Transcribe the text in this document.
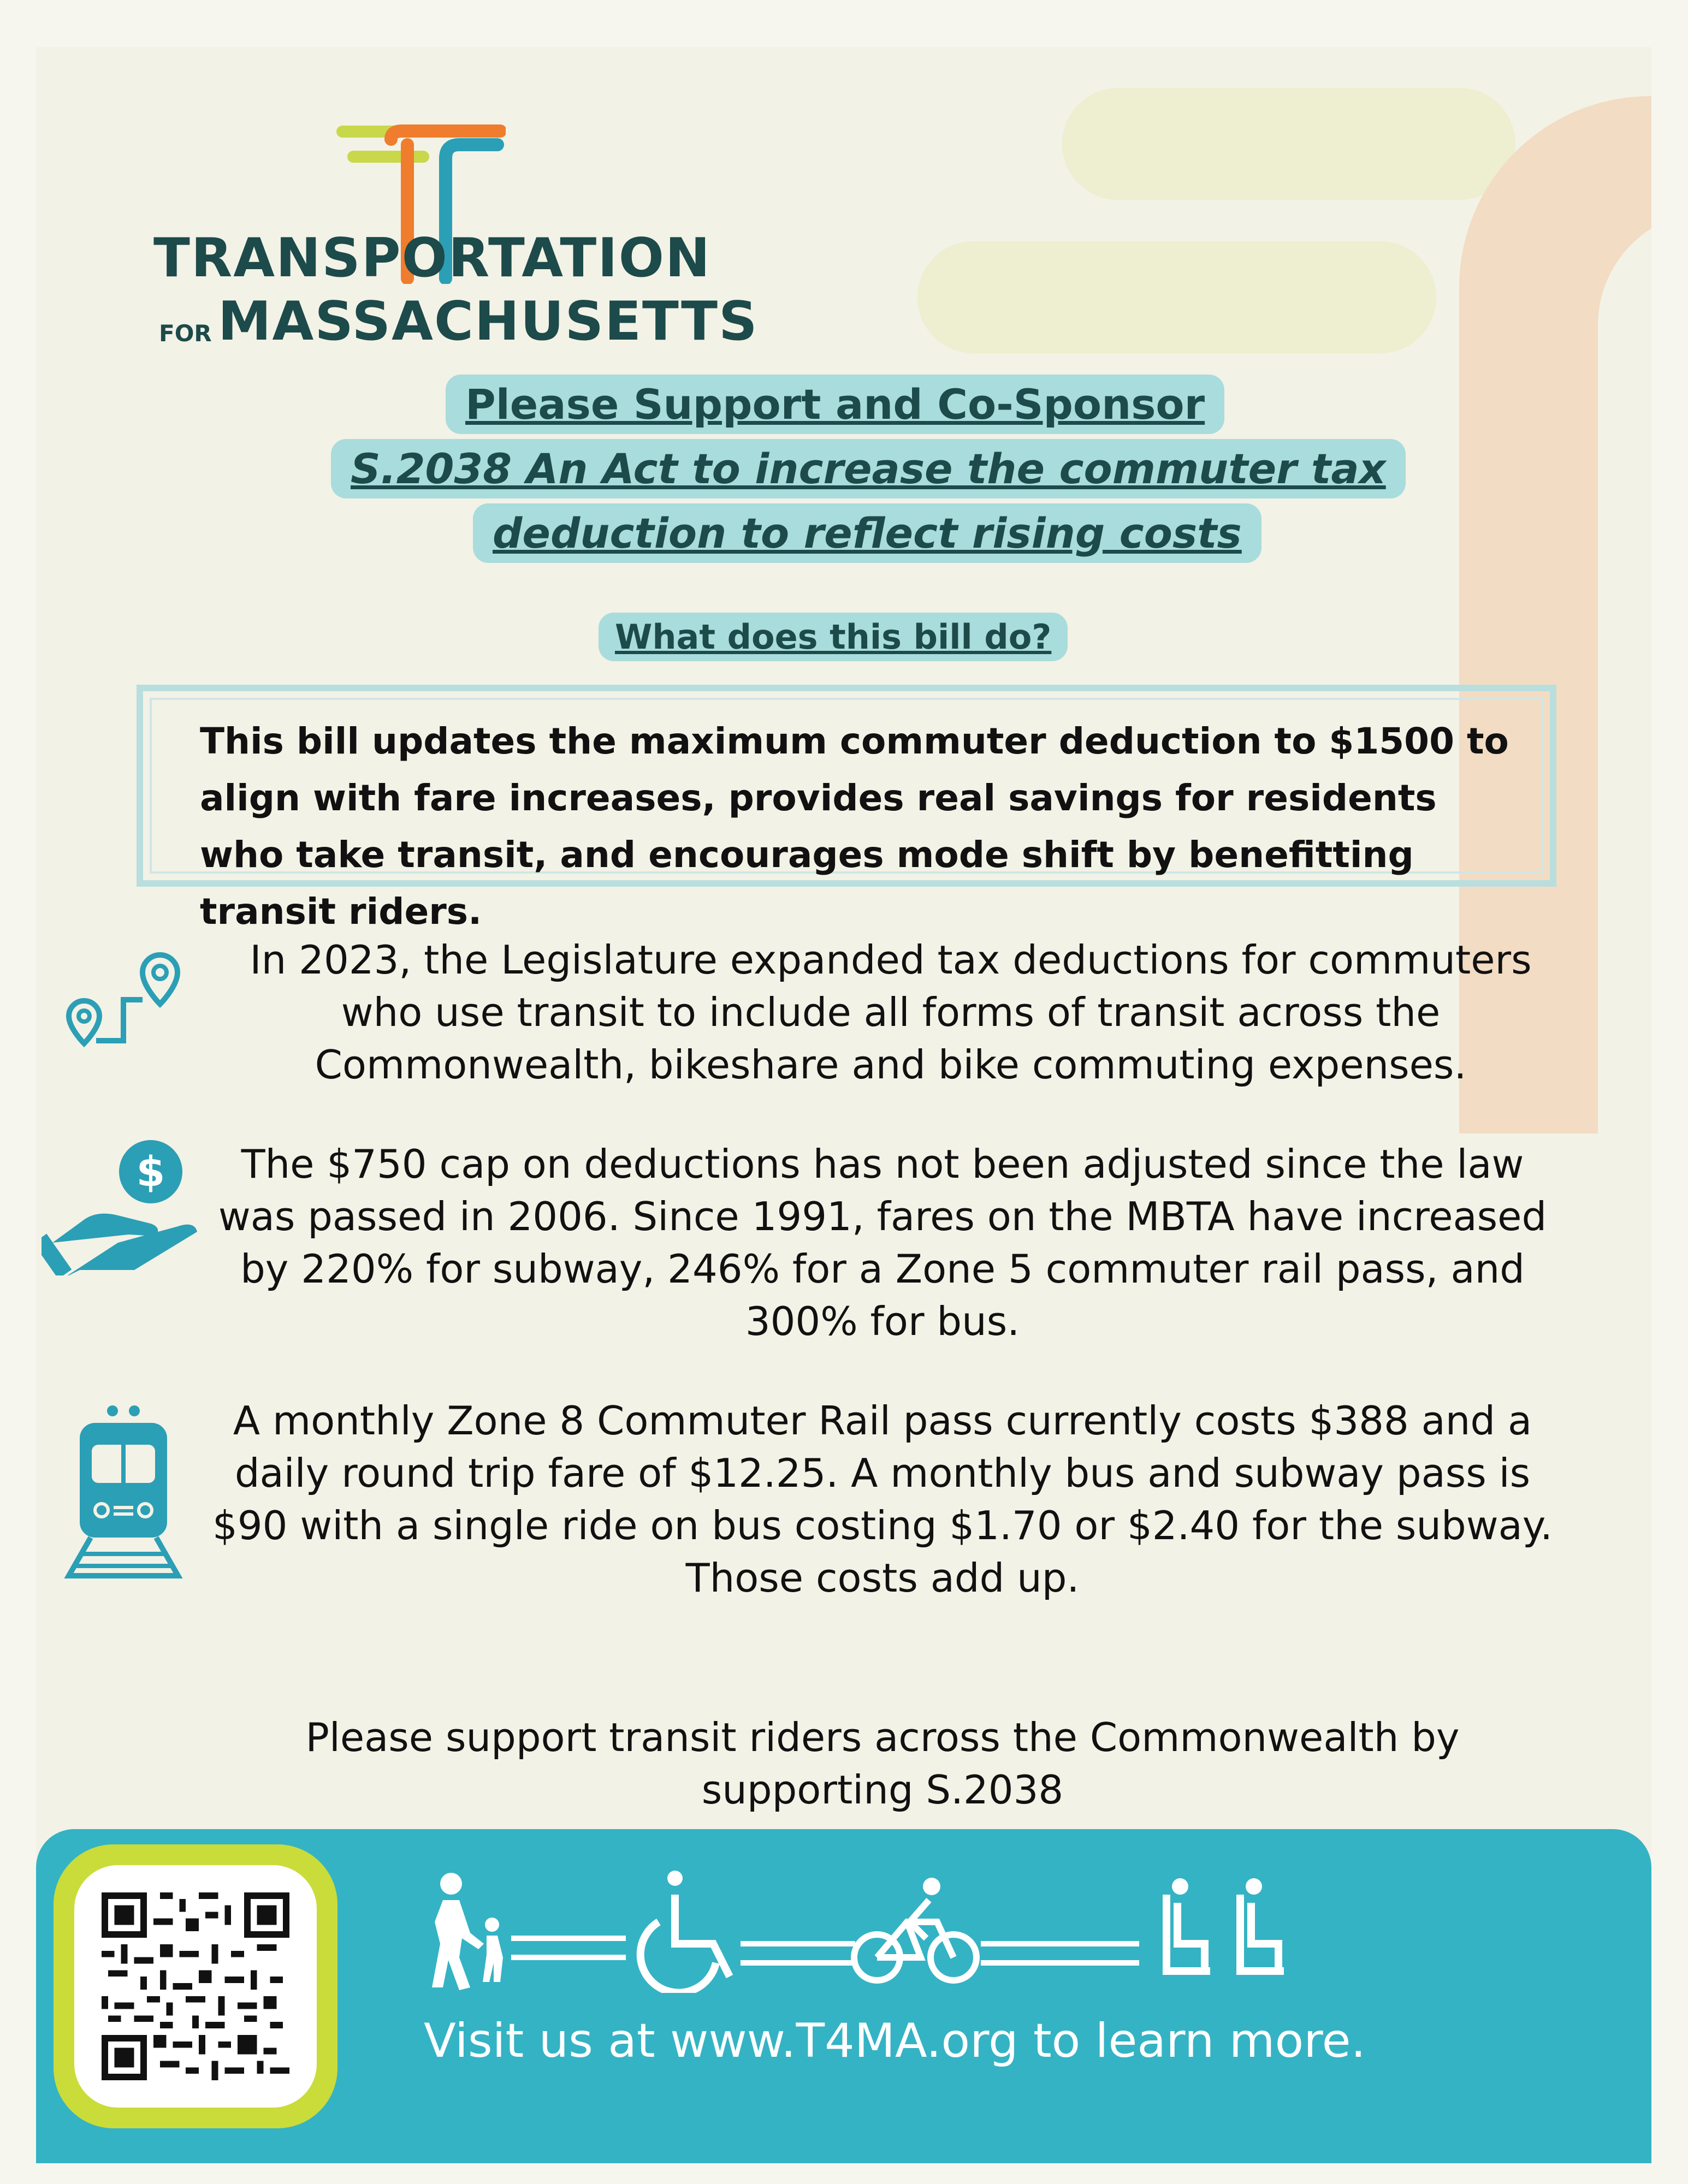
TRANSPORTATION
FOR MASSACHUSETTS
Please Support and Co-Sponsor
S.2038 An Act to increase the commuter tax
deduction to reflect rising costs
What does this bill do?
This bill updates the maximum commuter deduction to $1500 to align with fare increases, provides real savings for residents who take transit, and encourages mode shift by benefitting transit riders.
In 2023, the Legislature expanded tax deductions for commuters who use transit to include all forms of transit across the Commonwealth, bikeshare and bike commuting expenses.
$	The $750 cap on deductions has not been adjusted since the law was passed in 2006. Since 1991, fares on the MBTA have increased by 220% for subway, 246% for a Zone 5 commuter rail pass, and 300% for bus.
A monthly Zone 8 Commuter Rail pass currently costs $388 and a daily round trip fare of $12.25. A monthly bus and subway pass is $90 with a single ride on bus costing $1.70 or $2.40 for the subway. Those costs add up.
Please support transit riders across the Commonwealth by supporting S.2038
Visit us at www.T4MA.org to learn more.
